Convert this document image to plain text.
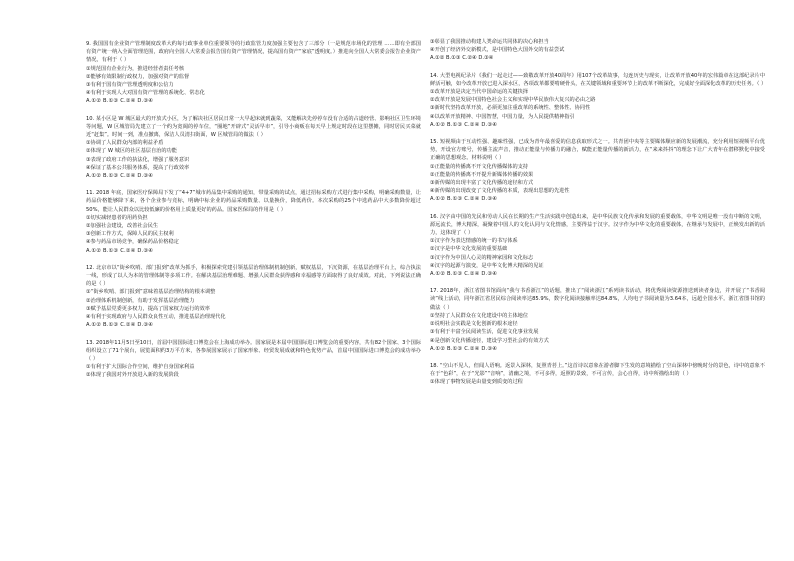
9. 我国国有企业资产管理制度改革大约每行政事业单位重要领导的行政监管力度加强主要包含了三部分（一是规范市场化的管理 ……即有全部国有资产统一纳入全面管理范围，政府向全国人大常委会报告国有资产管理情况，提高国有资产“家底”透明度。）推进向全国人大常委会报告企业资产情况，有利于（ ）
①规范国有企业行为，推进经营者责任考核
②能够有效限制行政权力，加强对资产的监督
③有利于国有资产管理透明度和公信力
④有利于实现人大对国有资产管理的系统化、常态化
A.①② B.①③ C.②④ D.③④
10. 某小区是 W 城区最大的开放式小区，为了解决社区居民日常一大早起床就到蔬菜，又能解决先停停车没有合适的占道经营、影响社区卫生环境等问题，W 区城管局先建立了一个约为宽阔的停车位，“圈地”开辟式“灵活早市”，引导小商贩在每天早上规定时段在这里摆摊，同时居民买菜就近“赶集”。时间一到，准点撤离，保洁人员清扫街面，W 区城管局的做法（ ）
①协调了人民群众内部的利益矛盾
②体现了 W 城区的社区基层自治的功能
③表现了政府工作的执法化，增强了服务意识
④保证了基本公共服务体系，提高了行政效率
A.①② B.①③ C.②④ D.③④
11. 2018 年底，国家医疗保障局下发了“4+7”城市药品集中采购的通知，带量采购的试点，通过招标采购方式进行集中采购，明确采购数量，让药品价格能够降下来，各个企业参与竞标，明确中标企业的药品采购数量、以量换价，降低药价。本次采购的25个中选药品中大多数降价超过50%，能让人民群众以比较低廉的价格用上质量更好的药品。国家医保局的作用是（ ）
①切实减轻患者的用药负担
②加强社会建设，改善社会民生
③创新工作方式，保障人民的民主权利
④参与药品市场竞争，确保药品价格稳定
A.①② B.①③ C.②④ D.③④
12. 北京市以“街乡吹哨、部门报到”改革为抓手，积极探索党建引领基层治理体制机制创新，赋权基层，下沉资源，在基层治理平台上，综合执法一线，形成了以人为本的管理体制等多项工作。在解决基层治理难题、增强人民群众获得感和幸福感等方面取得了良好成效。对此，下列说法正确的是（ ）
①“街乡吹哨、部门报到”意味着基层治理结构的根本调整
②治理体系机制创新，有助于发挥基层治理能力
③赋予基层党委更多权力，提高了国家权力运行的效率
④有利于实现政府与人民群众良性互动，推进基层治理现代化
A.①② B.①③ C.②④ D.③④
13. 2018年11月5日至10日，首届中国国际进口博览会在上海成功举办。国家展是本届中国国际进口博览会的重要内容，共有82个国家、3个国际组织设立了71个展台，展览面积约3万平方米，各参展国家展示了国家形象、经贸发展成就和特色优势产品，首届中国国际进口博览会的成功举办（ ）
①有利于扩大国际合作空间，维护自身国家利益
②体现了我国对外开放进入新的发展阶段
③彰显了我国推动构建人类命运共同体的决心和担当
④开创了经济外交新模式，是中国特色大国外交的有益尝试
A.①② B.①③ C.②④ D.③④
14. 大型电视纪录片《我们一起走过——致敬改革开放40周年》用107个改革故事，勾连历史与现实，让改革开放40年的宏伟篇章在这部纪录片中鲜活可触，如今改革开放已进入深水区，各项改革都要啃硬骨头，在关键领域和重要环节上的改革不断深化，完成好全面深化改革的历史任务。（ ）
①改革开放是决定当代中国命运的关键抉择
②改革开放是发展中国特色社会主义和实现中华民族伟大复兴的必由之路
③新时代坚持改革开放，必须更加注重改革的系统性、整体性、协同性
④以改革开放精神、中国智慧，中国力量，为人民提供精神指引
A.①② B.①③ C.②④ D.③④
15. 短视频由于互动性强、趣味性强，已成为青年最喜爱的信息获取形式之一。共青团中央等主要媒体顺应新的发展潮流，充分利用短视频平台优势，开设官方账号，传播主流声音，推动正能量与传播力的融合，赋能正能量传播的新活力，在“来来抖抖”的理念下让广大青年在潜移默化中接受正确的思想观念。材料说明（ ）
①正能量的传播离不开文化传播媒体的支持
②正能量的传播离不开提升新媒体传播的效果
③新传媒的出现丰富了文化传播的途径和方式
④新传媒的出现改变了文化传播的本质，表现出思想的先进性
A.①② B.①③ C.②④ D.③④
16. 汉字由中国的先民和劳动人民在长期的生产生活实践中创造出来，是中华民族文化传承和发展的重要载体，中华文明是唯一没有中断的文明，源远流长，博大精深，凝聚着中国人的文化认同与文化情感，主要得益于汉字。汉字作为中华文化的重要载体，在继承与发展中，正焕发出新的活力，这体现了（ ）
①汉字作为表达情感的统一的书写体系
②汉字是中华文化发展的重要基础
③汉字作为中国人心灵的精神家园和文化标志
④汉字的起源与演变，是中华文化博大精深的见证
A.①② B.①③ C.②④ D.③④
17. 2018年，浙江省图书馆面向“我与书香浙江”的话题，推出了“阅读浙江”系列读书活动，将优秀阅读资源推送到读者身边，并开展了“书香阅读”线上活动，同年浙江省居民综合阅读率达85.9%，数字化阅读接触率达84.8%，人均电子书阅读量为3.64本，远超全国水平。浙江省图书馆的做法（ ）
①坚持了人民群众在文化建设中的主体地位
②说明社会实践是文化创新的根本途径
③有利于丰富全民阅读生活，促进文化事业发展
④是创新文化传播途径，建设学习型社会的有效方式
A.①② B.①③ C.②④ D.③④
18. “空山不见人，但闻人语响。返景入深林，复照青苔上。”这首诗以意象在游者脚下生发的意境描绘了空山深林中傍晚时分的景色，诗中的意象不在于“色彩”，在于“光影”“音响”，清幽之境，不可多得，返照的景致，不可言传，会心自得，诗中所描绘出的（ ）
①体现了事物发展是由量变到质变的过程
